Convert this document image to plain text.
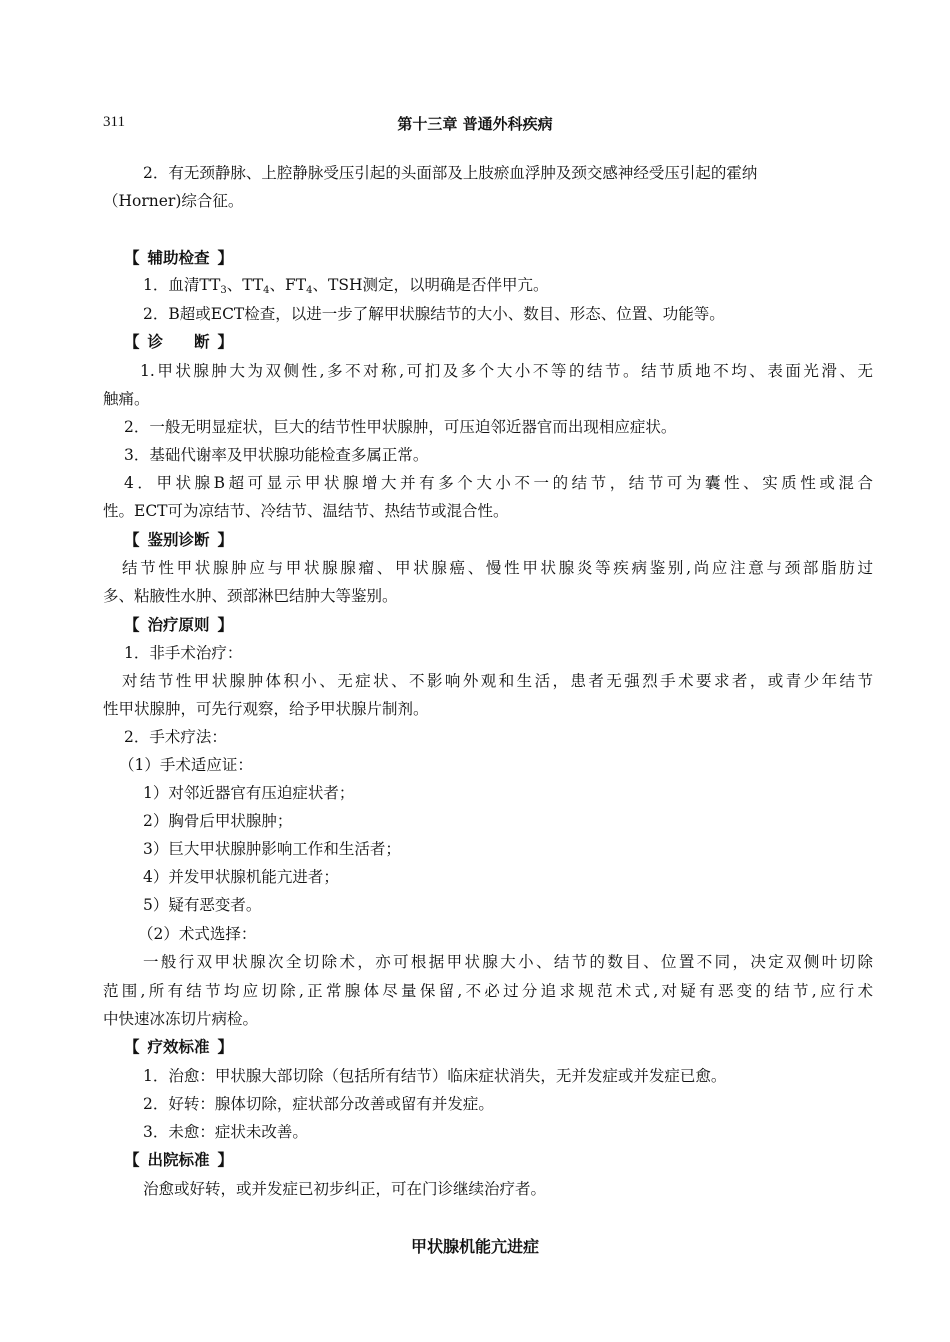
311	第十三章 普通外科疾病
2．有无颈静脉、上腔静脉受压引起的头面部及上肢瘀血浮肿及颈交感神经受压引起的霍纳
（Horner)综合征。
【 辅助检查 】
1．血清$TT_3$、$TT_4$、$FT_4$、TSH测定，以明确是否伴甲亢。
2．B超或ECT检查，以进一步了解甲状腺结节的大小、数目、形态、位置、功能等。
【 诊　　断 】
1.甲状腺肿大为双侧性,多不对称,可扪及多个大小不等的结节。结节质地不均、表面光滑、无
触痛。
2．一般无明显症状，巨大的结节性甲状腺肿，可压迫邻近器官而出现相应症状。
3．基础代谢率及甲状腺功能检查多属正常。
4．甲状腺B超可显示甲状腺增大并有多个大小不一的结节，结节可为囊性、实质性或混合
性。ECT可为凉结节、冷结节、温结节、热结节或混合性。
【 鉴别诊断 】
结节性甲状腺肿应与甲状腺腺瘤、甲状腺癌、慢性甲状腺炎等疾病鉴别,尚应注意与颈部脂肪过
多、粘腋性水肿、颈部淋巴结肿大等鉴别。
【 治疗原则 】
1．非手术治疗：
对结节性甲状腺肿体积小、无症状、不影响外观和生活，患者无强烈手术要求者，或青少年结节
性甲状腺肿，可先行观察，给予甲状腺片制剂。
2．手术疗法：
（1）手术适应证：
1）对邻近器官有压迫症状者；
2）胸骨后甲状腺肿；
3）巨大甲状腺肿影响工作和生活者；
4）并发甲状腺机能亢进者；
5）疑有恶变者。
（2）术式选择：
一般行双甲状腺次全切除术，亦可根据甲状腺大小、结节的数目、位置不同，决定双侧叶切除
范围,所有结节均应切除,正常腺体尽量保留,不必过分追求规范术式,对疑有恶变的结节,应行术
中快速冰冻切片病检。
【 疗效标准 】
1．治愈：甲状腺大部切除（包括所有结节）临床症状消失，无并发症或并发症已愈。
2．好转：腺体切除，症状部分改善或留有并发症。
3．未愈：症状未改善。
【 出院标准 】
治愈或好转，或并发症已初步纠正，可在门诊继续治疗者。
甲状腺机能亢进症
